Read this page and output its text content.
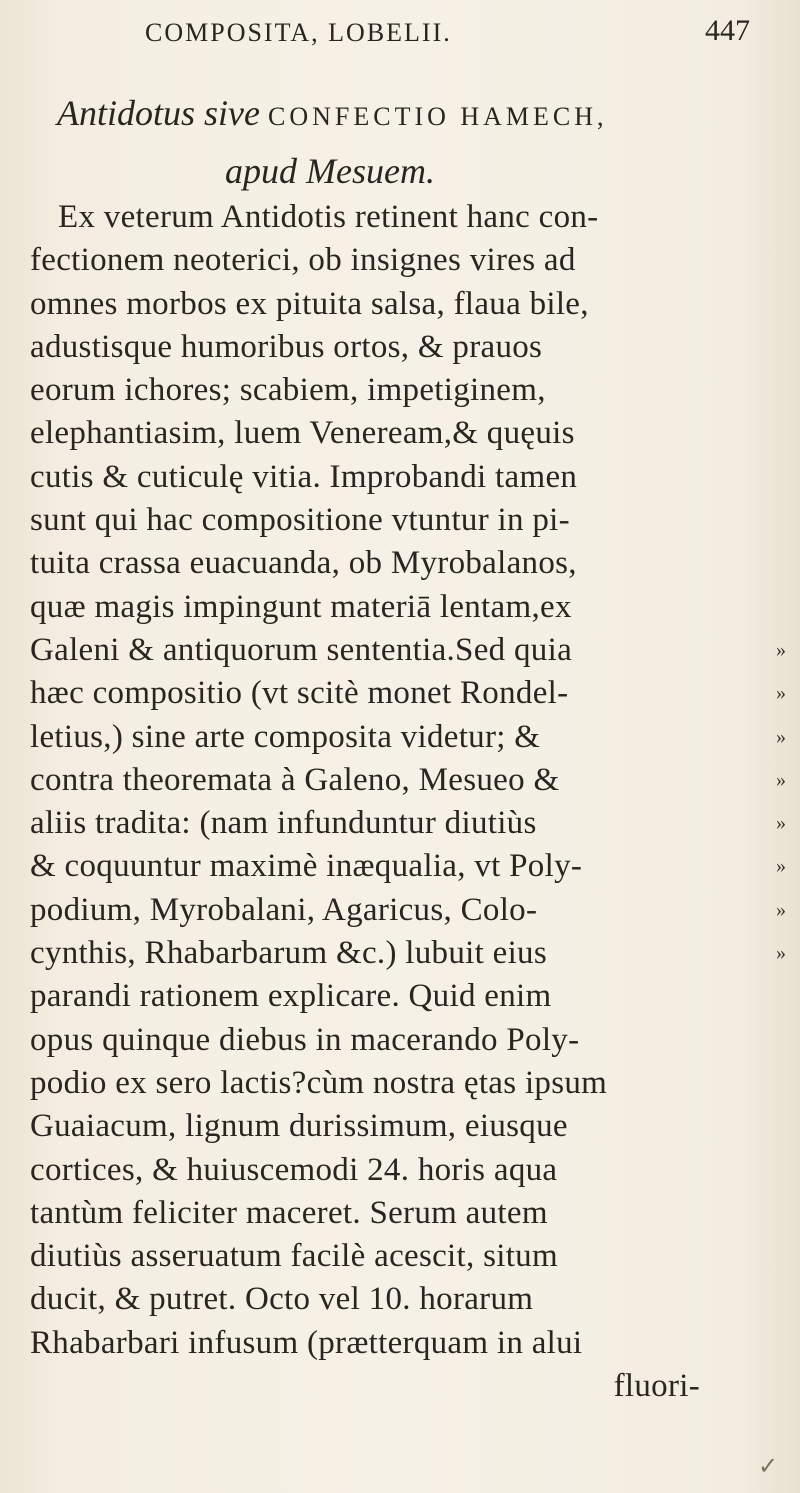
COMPOSITA, LOBELII.	447
Antidotus sive CONFECTIO HAMECH,
apud Mesuem.
Ex veterum Antidotis retinent hanc con-
fectionem neoterici, ob insignes vires ad
omnes morbos ex pituita salsa, flaua bile,
adustisque humoribus ortos, & prauos
eorum ichores; scabiem, impetiginem,
elephantiasim, luem Veneream,& quęuis
cutis & cuticulę vitia. Improbandi tamen
sunt qui hac compositione vtuntur in pi-
tuita crassa euacuanda, ob Myrobalanos,
quæ magis impingunt materiā lentam,ex
Galeni & antiquorum sententia.Sed quia
hæc compositio (vt scitè monet Rondel-
letius,) sine arte composita videtur; &
contra theoremata à Galeno, Mesueo &
aliis tradita: (nam infunduntur diutiùs
& coquuntur maximè inæqualia, vt Poly-
podium, Myrobalani, Agaricus, Colo-
cynthis, Rhabarbarum &c.) lubuit eius
parandi rationem explicare. Quid enim
opus quinque diebus in macerando Poly-
podio ex sero lactis?cùm nostra ętas ipsum
Guaiacum, lignum durissimum, eiusque
cortices, & huiuscemodi 24. horis aqua
tantùm feliciter maceret. Serum autem
diutiùs asseruatum facilè acescit, situm
ducit, & putret. Octo vel 10. horarum
Rhabarbari infusum (prætterquam in alui
fluori-
»
»
»
»
»
»
»
»
✓
